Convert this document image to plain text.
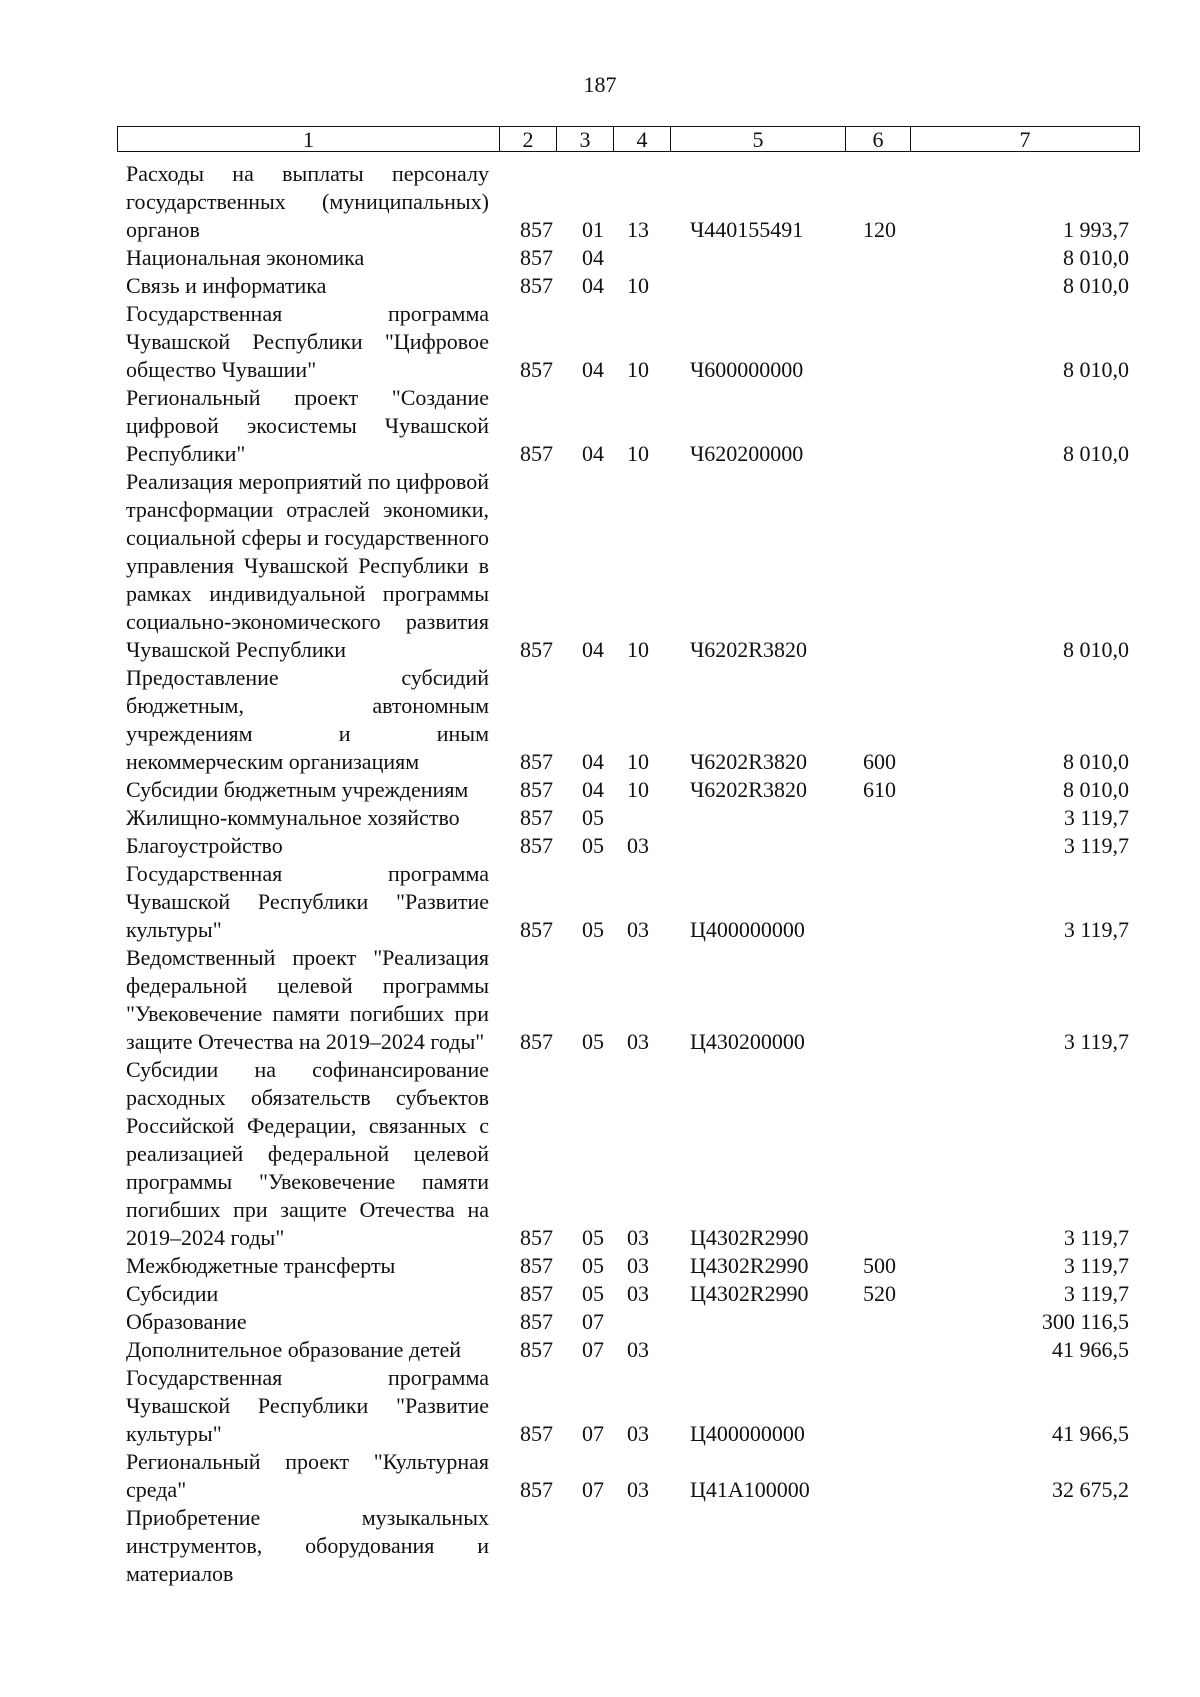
187
1	2	3	4	5	6	7
Расходы на выплаты персоналу государственных (муниципальных) органов	857	01	13	Ч440155491	120	1 993,7
Национальная экономика	857	04				8 010,0
Связь и информатика	857	04	10			8 010,0
Государственная программа Чувашской Республики "Цифровое общество Чувашии"	857	04	10	Ч600000000		8 010,0
Региональный проект "Создание цифровой экосистемы Чувашской Республики"	857	04	10	Ч620200000		8 010,0
Реализация мероприятий по цифровой трансформации отраслей экономики, социальной сферы и государственного управления Чувашской Республики в рамках индивидуальной программы социально-экономического развития Чувашской Республики	857	04	10	Ч6202R3820		8 010,0
Предоставление субсидий бюджетным, автономным учреждениям и иным некоммерческим организациям	857	04	10	Ч6202R3820	600	8 010,0
Субсидии бюджетным учреждениям	857	04	10	Ч6202R3820	610	8 010,0
Жилищно-коммунальное хозяйство	857	05				3 119,7
Благоустройство	857	05	03			3 119,7
Государственная программа Чувашской Республики "Развитие культуры"	857	05	03	Ц400000000		3 119,7
Ведомственный проект "Реализация федеральной целевой программы "Увековечение памяти погибших при защите Отечества на 2019–2024 годы"	857	05	03	Ц430200000		3 119,7
Субсидии на софинансирование расходных обязательств субъектов Российской Федерации, связанных с реализацией федеральной целевой программы "Увековечение памяти погибших при защите Отечества на 2019–2024 годы"	857	05	03	Ц4302R2990		3 119,7
Межбюджетные трансферты	857	05	03	Ц4302R2990	500	3 119,7
Субсидии	857	05	03	Ц4302R2990	520	3 119,7
Образование	857	07				300 116,5
Дополнительное образование детей	857	07	03			41 966,5
Государственная программа Чувашской Республики "Развитие культуры"	857	07	03	Ц400000000		41 966,5
Региональный проект "Культурная среда"	857	07	03	Ц41А100000		32 675,2
Приобретение музыкальных инструментов, оборудования и материалов						
